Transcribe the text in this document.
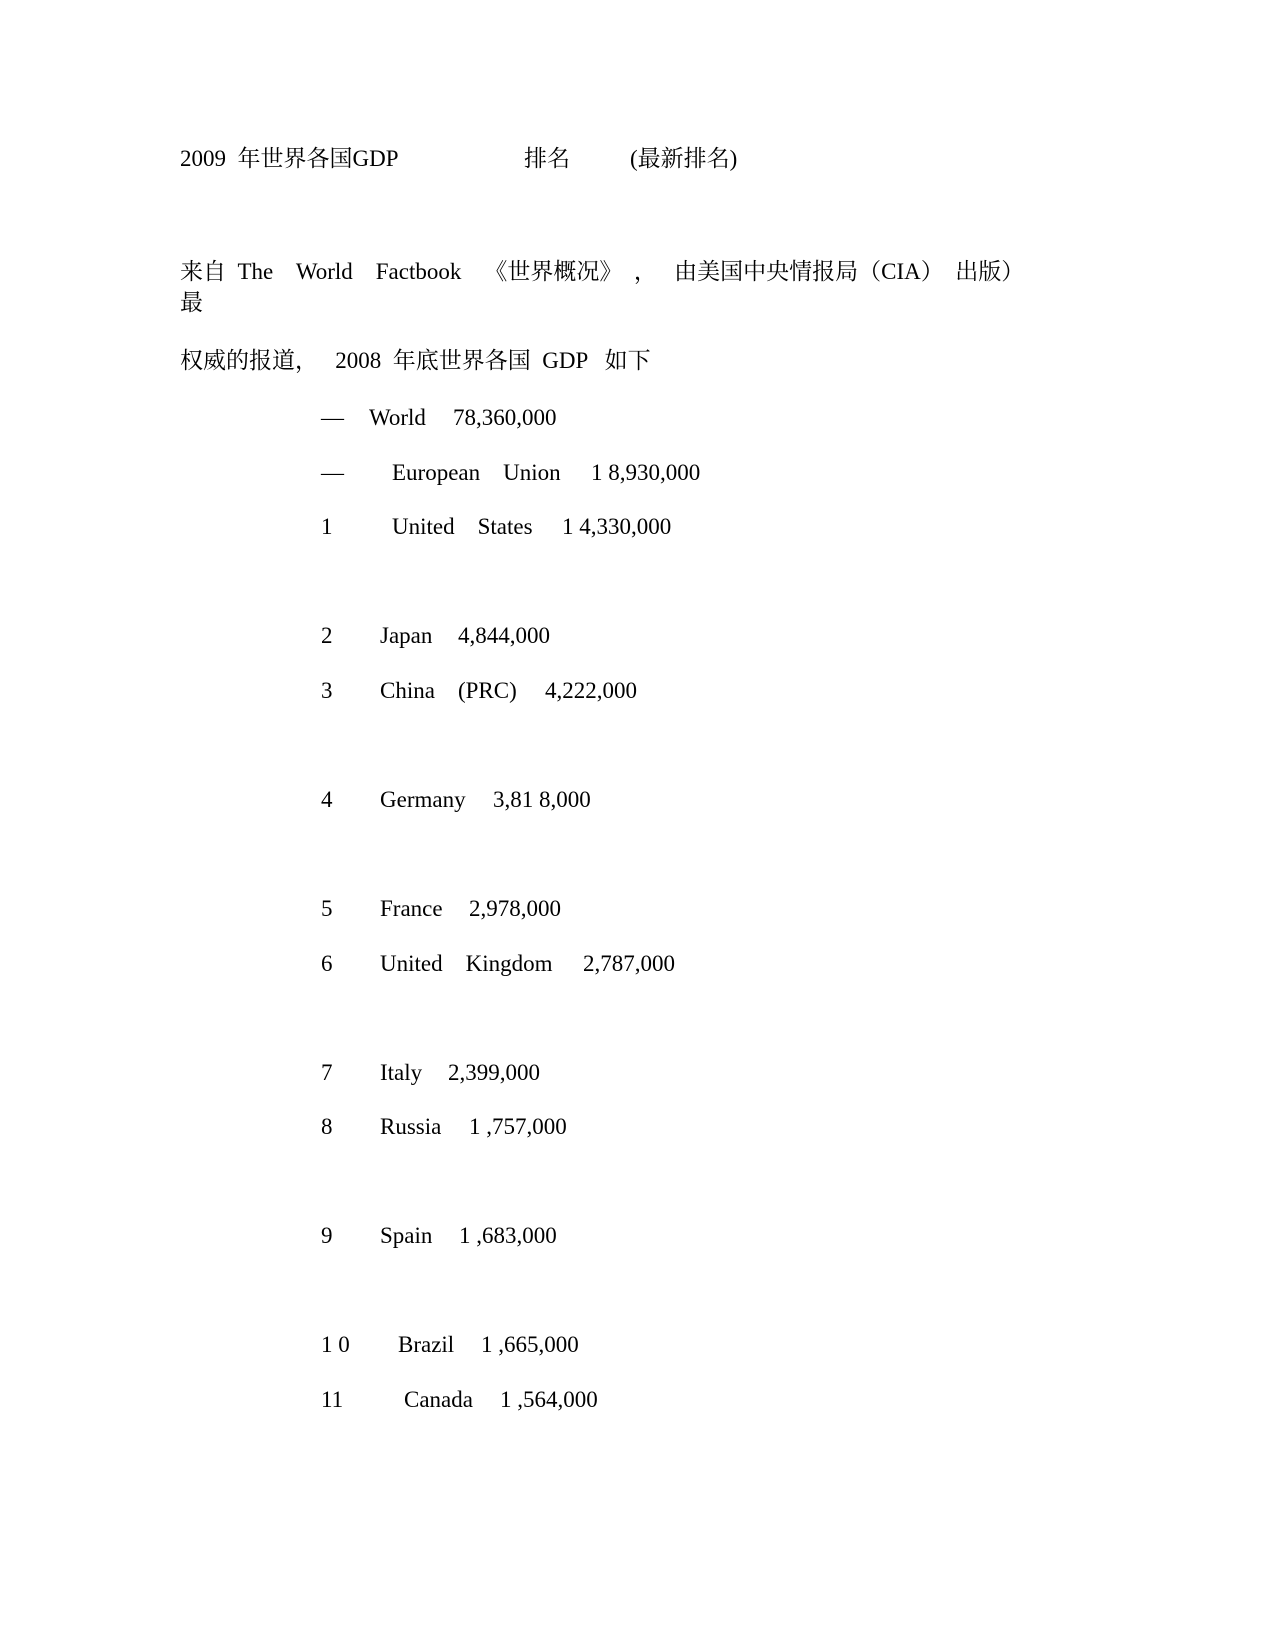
2009  年世界各国GDP	排名	(最新排名)
来自  The    World    Factbook    《世界概况》  ，   由美国中央情报局（CIA）  出版）
最
权威的报道，   2008  年底世界各国  GDP   如下
— World 78,360,000
— European    Union 1 8,930,000
1	United    States 1 4,330,000
2 Japan 4,844,000
3 China    (PRC) 4,222,000
4 Germany 3,81 8,000
5 France 2,978,000
6 United    Kingdom 2,787,000
7 Italy 2,399,000
8 Russia 1 ,757,000
9 Spain 1 ,683,000
1 0 Brazil 1 ,665,000
11	Canada 1 ,564,000
